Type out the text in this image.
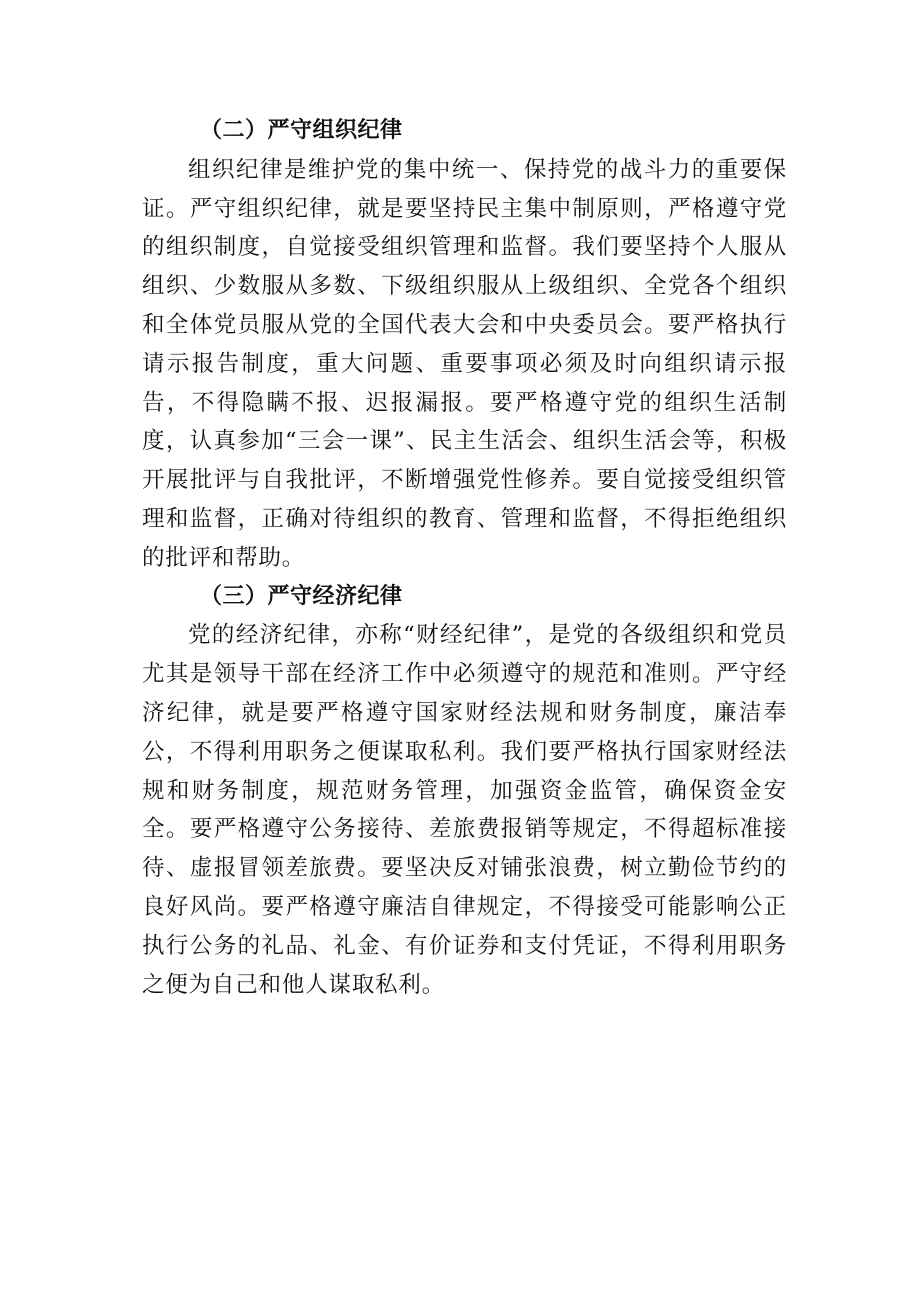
（二）严守组织纪律

组织纪律是维护党的集中统一、保持党的战斗力的重要保证。严守组织纪律，就是要坚持民主集中制原则，严格遵守党的组织制度，自觉接受组织管理和监督。我们要坚持个人服从组织、少数服从多数、下级组织服从上级组织、全党各个组织和全体党员服从党的全国代表大会和中央委员会。要严格执行请示报告制度，重大问题、重要事项必须及时向组织请示报告，不得隐瞒不报、迟报漏报。要严格遵守党的组织生活制度，认真参加“三会一课”、民主生活会、组织生活会等，积极开展批评与自我批评，不断增强党性修养。要自觉接受组织管理和监督，正确对待组织的教育、管理和监督，不得拒绝组织的批评和帮助。

（三）严守经济纪律

党的经济纪律，亦称“财经纪律”，是党的各级组织和党员尤其是领导干部在经济工作中必须遵守的规范和准则。严守经济纪律，就是要严格遵守国家财经法规和财务制度，廉洁奉公，不得利用职务之便谋取私利。我们要严格执行国家财经法规和财务制度，规范财务管理，加强资金监管，确保资金安全。要严格遵守公务接待、差旅费报销等规定，不得超标准接待、虚报冒领差旅费。要坚决反对铺张浪费，树立勤俭节约的良好风尚。要严格遵守廉洁自律规定，不得接受可能影响公正执行公务的礼品、礼金、有价证券和支付凭证，不得利用职务之便为自己和他人谋取私利。
